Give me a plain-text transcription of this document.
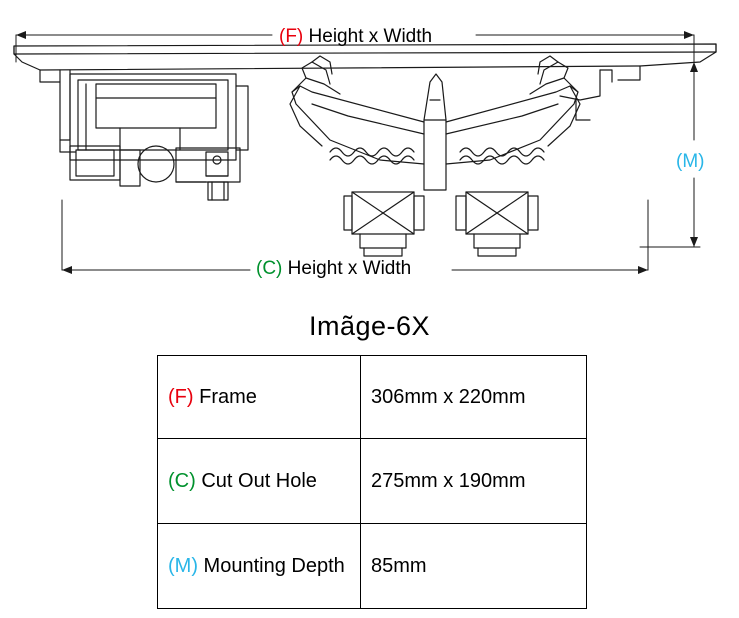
(F) Height x Width
(C) Height x Width
(M)
Imãge-6X
(F) Frame	306mm x 220mm
(C) Cut Out Hole	275mm x 190mm
(M) Mounting Depth	85mm
